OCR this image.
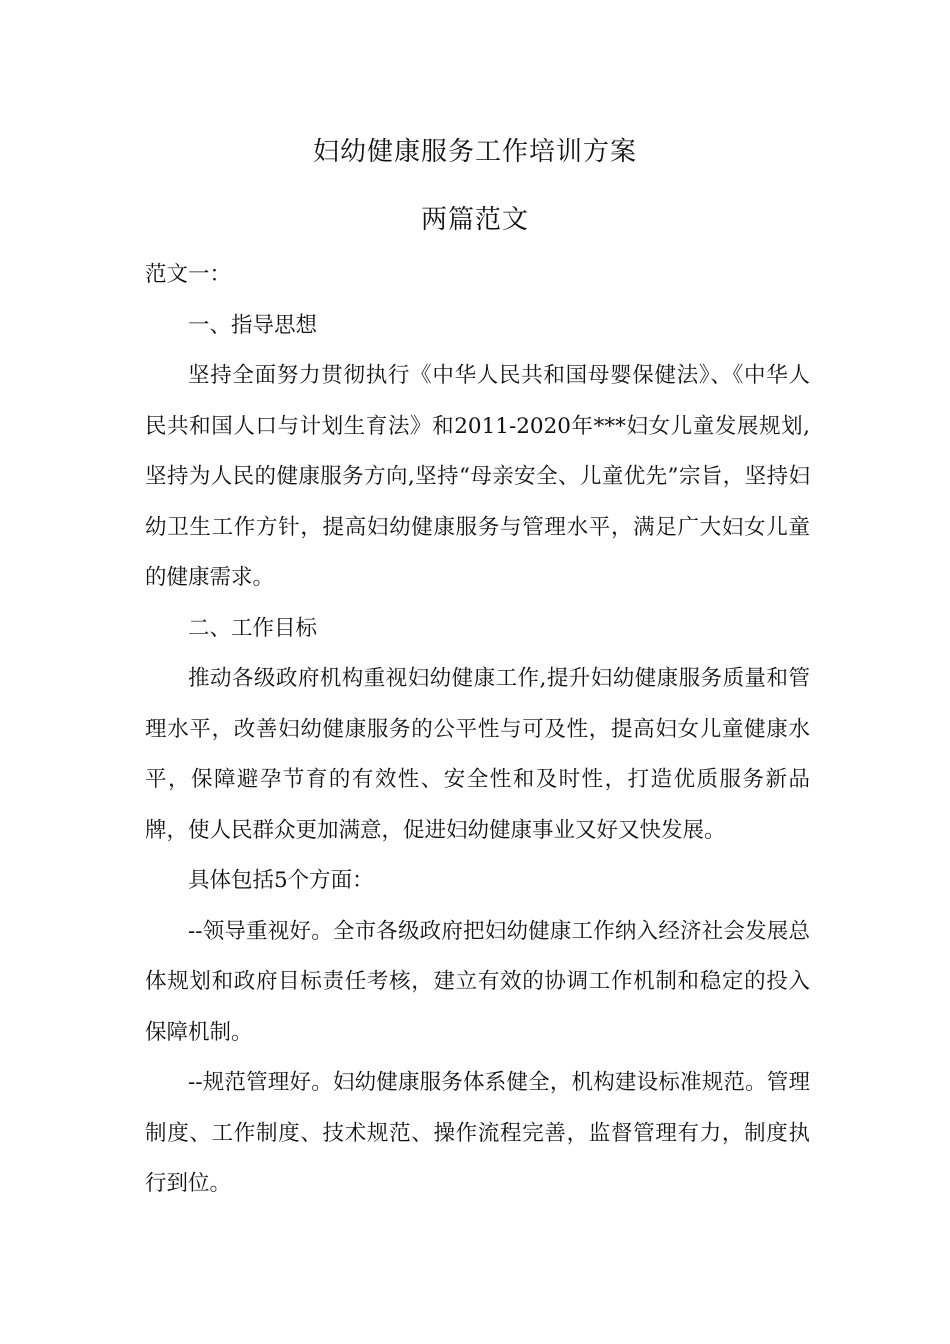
妇幼健康服务工作培训方案
两篇范文

范文一：

一、指导思想

坚持全面努力贯彻执行《中华人民共和国母婴保健法》、《中华人民共和国人口与计划生育法》和2011-2020年***妇女儿童发展规划,坚持为人民的健康服务方向,坚持“母亲安全、儿童优先”宗旨，坚持妇幼卫生工作方针，提高妇幼健康服务与管理水平，满足广大妇女儿童的健康需求。

二、工作目标

推动各级政府机构重视妇幼健康工作,提升妇幼健康服务质量和管理水平，改善妇幼健康服务的公平性与可及性，提高妇女儿童健康水平，保障避孕节育的有效性、安全性和及时性，打造优质服务新品牌，使人民群众更加满意，促进妇幼健康事业又好又快发展。

具体包括5个方面：

--领导重视好。全市各级政府把妇幼健康工作纳入经济社会发展总体规划和政府目标责任考核，建立有效的协调工作机制和稳定的投入保障机制。

--规范管理好。妇幼健康服务体系健全，机构建设标准规范。管理制度、工作制度、技术规范、操作流程完善，监督管理有力，制度执行到位。
